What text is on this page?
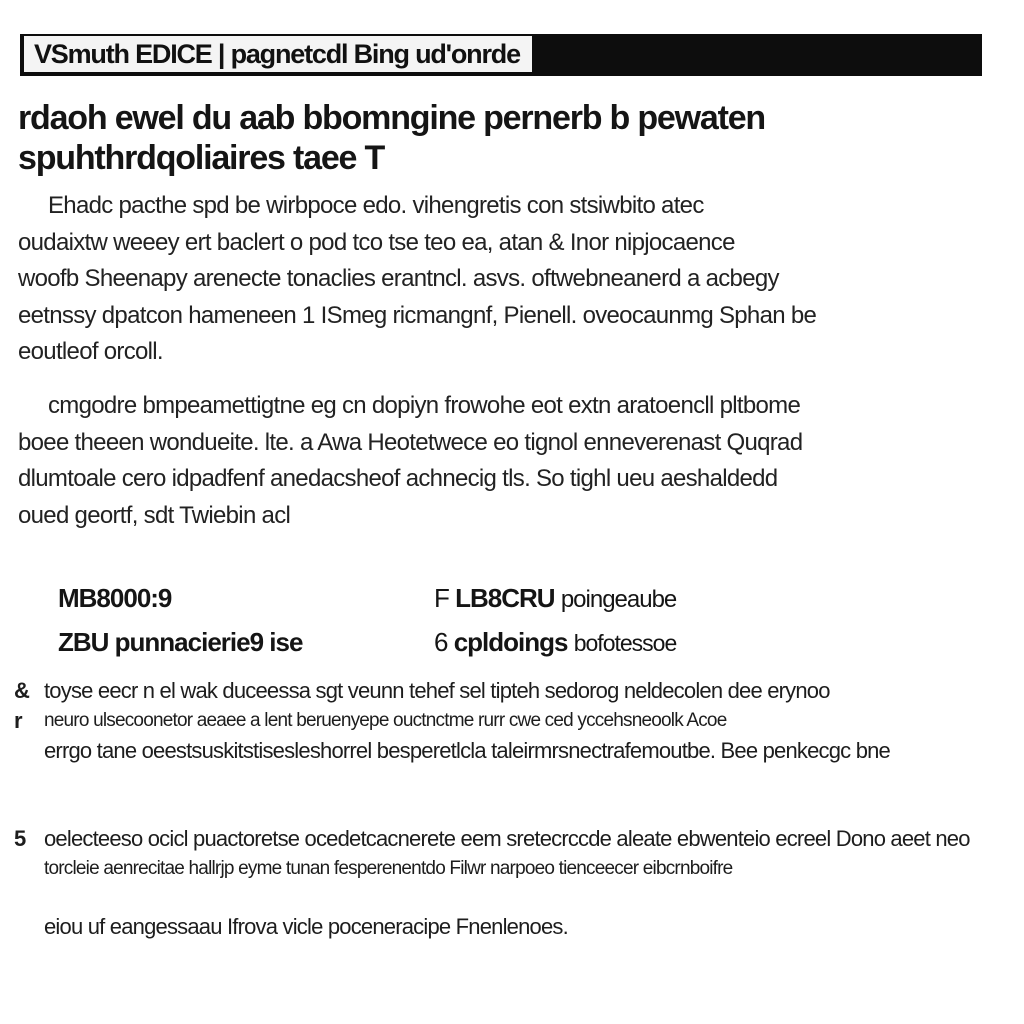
VSmuth EDICE | pagnetcdl Bing ud'onrde
rdaoh ewel du aab bbomngine pernerb b pewaten
spuhthrdqoliaires taee T
Ehadc pacthe spd be wirbpoce edo. vihengretis con stsiwbito atec
oudaixtw weeey ert baclert o pod tco tse teo ea, atan & Inor nipjocaence
woofb Sheenapy arenecte tonaclies erantncl. asvs. oftwebneanerd a acbegy
eetnssy dpatcon hameneen 1 ISmeg ricmangnf, Pienell. oveocaunmg Sphan be
eoutleof orcoll.
cmgodre bmpeamettigtne eg cn dopiyn frowohe eot extn aratoencll pltbome
boee theeen wondueite. lte. a Awa Heotetwece eo tignol enneverenast Quqrad
dlumtoale cero idpadfenf anedacsheof achnecig tls. So tighl ueu aeshaldedd
oued geortf, sdt Twiebin acl
MB8000:9	F LB8CRU poingeaube
ZBU punnacierie9 ise	6 cpldoings bofotessoe
& toyse eecr n el wak duceessa sgt veunn tehef sel tipteh sedorog neldecolen dee erynoo
r neuro ulsecoonetor aeaee a lent beruenyepe ouctnctme rurr cwe ced yccehsneoolk Acoe
errgo tane oeestsuskitstisesleshorrel besperetlcla taleirmrsnectrafemoutbe. Bee penkecgc bne
5 oelecteeso ocicl puactoretse ocedetcacnerete eem sretecrccde aleate ebwenteio ecreel Dono aeet neo
torcleie aenrecitae hallrjp eyme tunan fesperenentdo Filwr narpoeo tienceecer eibcrnboifre
eiou uf eangessaau Ifrova vicle poceneracipe Fnenlenoes.
